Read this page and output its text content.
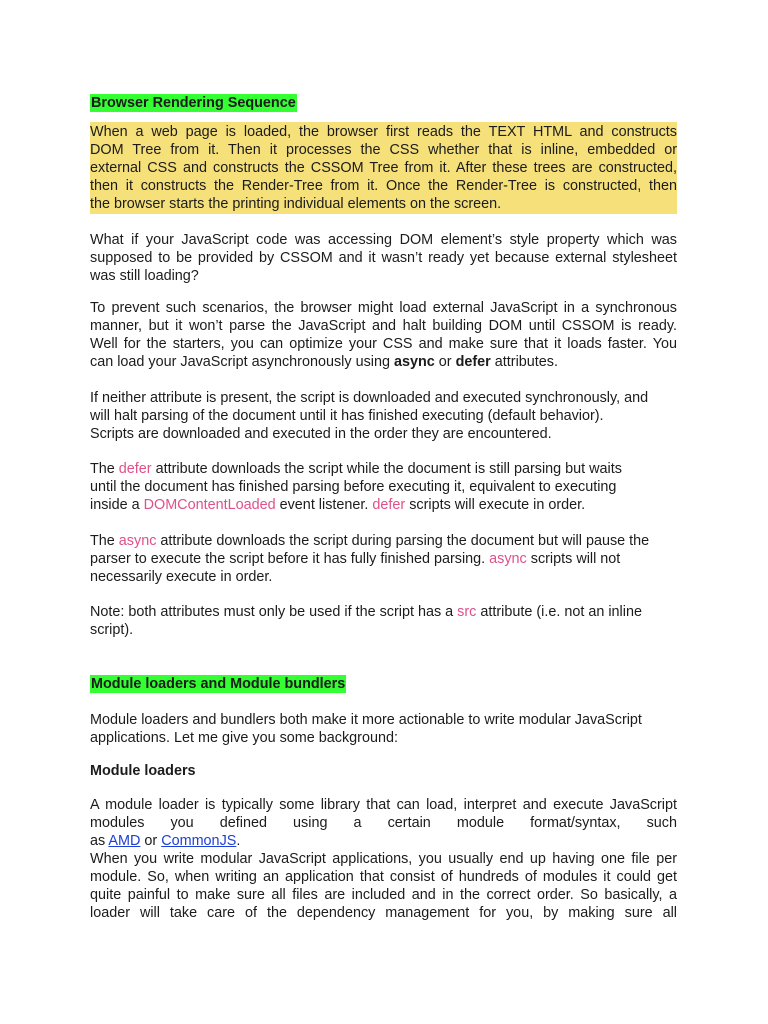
Browser Rendering Sequence

When a web page is loaded, the browser first reads the TEXT HTML and constructs
DOM Tree from it. Then it processes the CSS whether that is inline, embedded or
external CSS and constructs the CSSOM Tree from it. After these trees are constructed,
then it constructs the Render-Tree from it. Once the Render-Tree is constructed, then
the browser starts the printing individual elements on the screen.
What if your JavaScript code was accessing DOM element’s style property which was
supposed to be provided by CSSOM and it wasn’t ready yet because external stylesheet
was still loading?
To prevent such scenarios, the browser might load external JavaScript in a synchronous
manner, but it won’t parse the JavaScript and halt building DOM until CSSOM is ready.
Well for the starters, you can optimize your CSS and make sure that it loads faster. You
can load your JavaScript asynchronously using async or defer attributes.
If neither attribute is present, the script is downloaded and executed synchronously, and
will halt parsing of the document until it has finished executing (default behavior).
Scripts are downloaded and executed in the order they are encountered.
The defer attribute downloads the script while the document is still parsing but waits
until the document has finished parsing before executing it, equivalent to executing
inside a DOMContentLoaded event listener. defer scripts will execute in order.
The async attribute downloads the script during parsing the document but will pause the
parser to execute the script before it has fully finished parsing. async scripts will not
necessarily execute in order.
Note: both attributes must only be used if the script has a src attribute (i.e. not an inline
script).

Module loaders and Module bundlers

Module loaders and bundlers both make it more actionable to write modular JavaScript
applications. Let me give you some background:

Module loaders

A module loader is typically some library that can load, interpret and execute JavaScript
modules you defined using a certain module format/syntax, such
as AMD or CommonJS.
When you write modular JavaScript applications, you usually end up having one file per
module. So, when writing an application that consist of hundreds of modules it could get
quite painful to make sure all files are included and in the correct order. So basically, a
loader will take care of the dependency management for you, by making sure all
